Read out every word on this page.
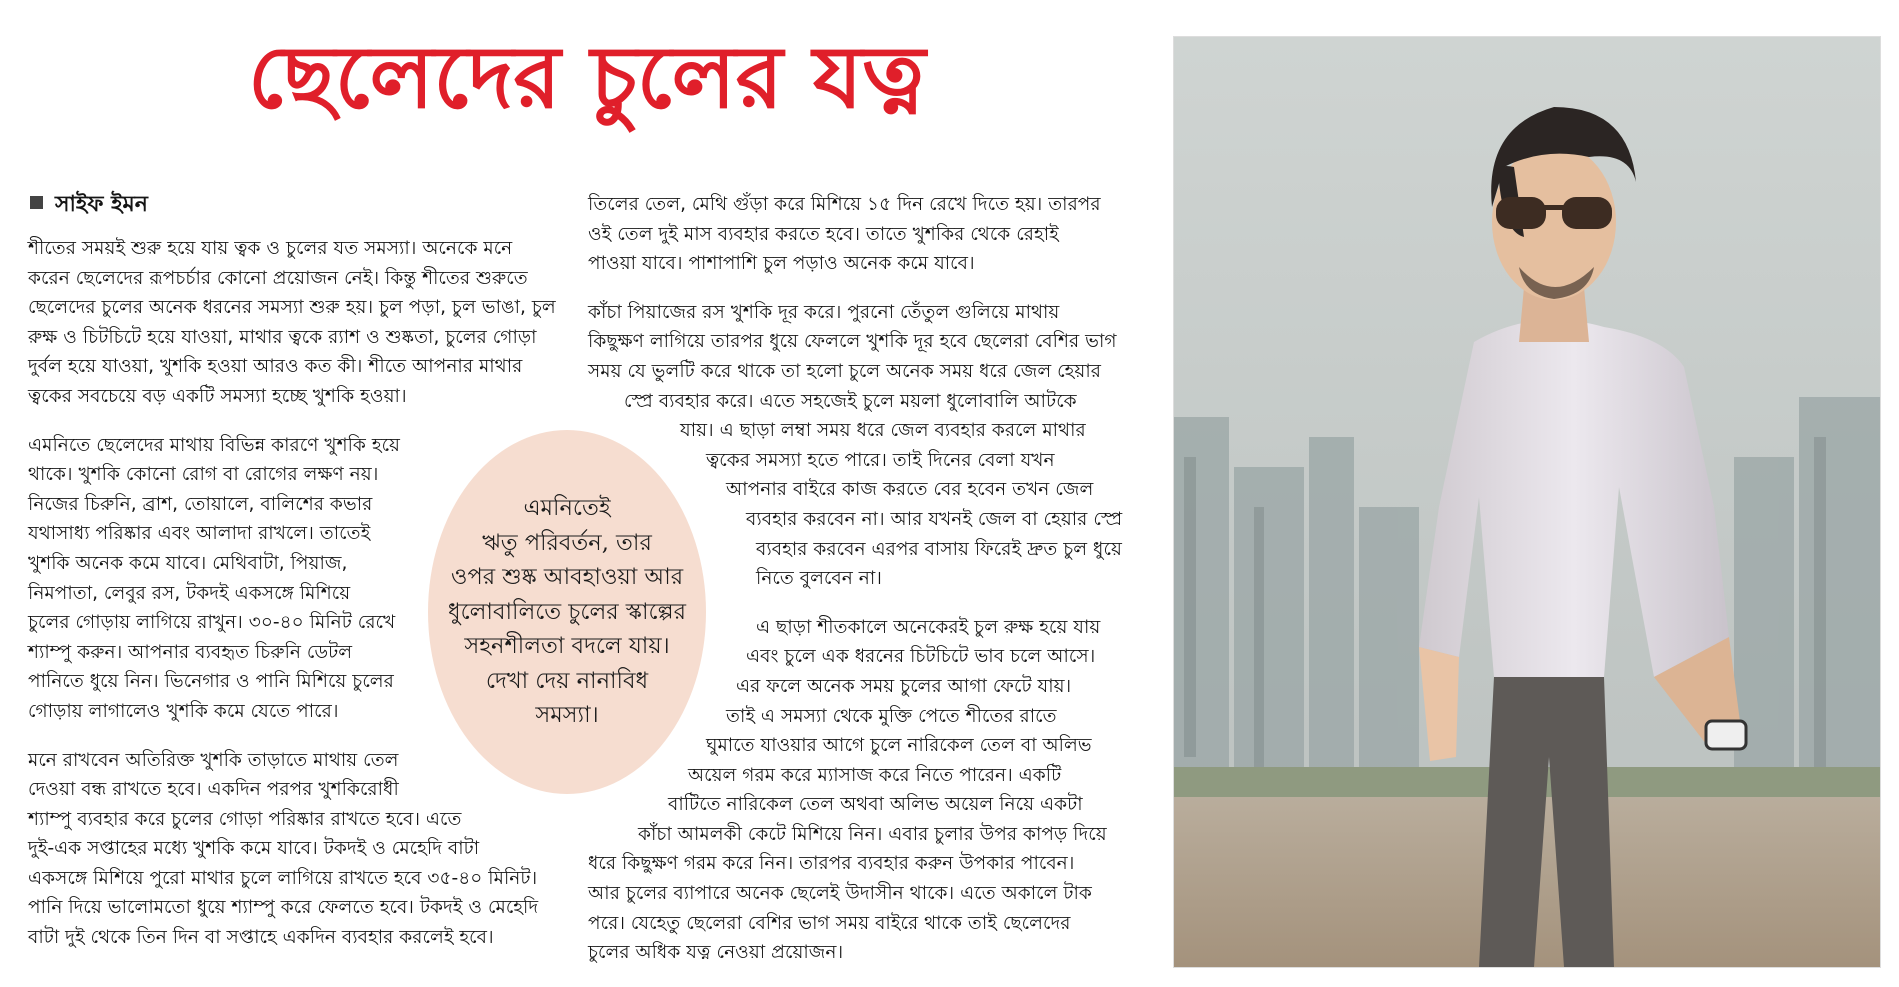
ছেলেদের চুলের যত্ন
সাইফ ইমন

শীতের সময়ই শুরু হয়ে যায় ত্বক ও চুলের যত সমস্যা। অনেকে মনে

করেন ছেলেদের রূপচর্চার কোনো প্রয়োজন নেই। কিন্তু শীতের শুরুতে

ছেলেদের চুলের অনেক ধরনের সমস্যা শুরু হয়। চুল পড়া, চুল ভাঙা, চুল

রুক্ষ ও চিটচিটে হয়ে যাওয়া, মাথার ত্বকে র‍্যাশ ও শুষ্কতা, চুলের গোড়া

দুর্বল হয়ে যাওয়া, খুশকি হওয়া আরও কত কী। শীতে আপনার মাথার

ত্বকের সবচেয়ে বড় একটি সমস্যা হচ্ছে খুশকি হওয়া।

এমনিতে ছেলেদের মাথায় বিভিন্ন কারণে খুশকি হয়ে

থাকে। খুশকি কোনো রোগ বা রোগের লক্ষণ নয়।

নিজের চিরুনি, ব্রাশ, তোয়ালে, বালিশের কভার

যথাসাধ্য পরিষ্কার এবং আলাদা রাখলে। তাতেই

খুশকি অনেক কমে যাবে। মেথিবাটা, পিয়াজ,

নিমপাতা, লেবুর রস, টকদই একসঙ্গে মিশিয়ে

চুলের গোড়ায় লাগিয়ে রাখুন। ৩০-৪০ মিনিট রেখে

শ্যাম্পু করুন। আপনার ব্যবহৃত চিরুনি ডেটল

পানিতে ধুয়ে নিন। ভিনেগার ও পানি মিশিয়ে চুলের

গোড়ায় লাগালেও খুশকি কমে যেতে পারে।

মনে রাখবেন অতিরিক্ত খুশকি তাড়াতে মাথায় তেল

দেওয়া বন্ধ রাখতে হবে। একদিন পরপর খুশকিরোধী

শ্যাম্পু ব্যবহার করে চুলের গোড়া পরিষ্কার রাখতে হবে। এতে

দুই-এক সপ্তাহের মধ্যে খুশকি কমে যাবে। টকদই ও মেহেদি বাটা

একসঙ্গে মিশিয়ে পুরো মাথার চুলে লাগিয়ে রাখতে হবে ৩৫-৪০ মিনিট।

পানি দিয়ে ভালোমতো ধুয়ে শ্যাম্পু করে ফেলতে হবে। টকদই ও মেহেদি

বাটা দুই থেকে তিন দিন বা সপ্তাহে একদিন ব্যবহার করলেই হবে।

তিলের তেল, মেথি গুঁড়া করে মিশিয়ে ১৫ দিন রেখে দিতে হয়। তারপর

ওই তেল দুই মাস ব্যবহার করতে হবে। তাতে খুশকির থেকে রেহাই

পাওয়া যাবে। পাশাপাশি চুল পড়াও অনেক কমে যাবে।

কাঁচা পিয়াজের রস খুশকি দূর করে। পুরনো তেঁতুল গুলিয়ে মাথায়

কিছুক্ষণ লাগিয়ে তারপর ধুয়ে ফেললে খুশকি দূর হবে ছেলেরা বেশির ভাগ

সময় যে ভুলটি করে থাকে তা হলো চুলে অনেক সময় ধরে জেল হেয়ার

স্প্রে ব্যবহার করে। এতে সহজেই চুলে ময়লা ধুলোবালি আটকে

যায়। এ ছাড়া লম্বা সময় ধরে জেল ব্যবহার করলে মাথার

ত্বকের সমস্যা হতে পারে। তাই দিনের বেলা যখন

আপনার বাইরে কাজ করতে বের হবেন তখন জেল

ব্যবহার করবেন না। আর যখনই জেল বা হেয়ার স্প্রে

ব্যবহার করবেন এরপর বাসায় ফিরেই দ্রুত চুল ধুয়ে

নিতে বুলবেন না।

এ ছাড়া শীতকালে অনেকেরই চুল রুক্ষ হয়ে যায়

এবং চুলে এক ধরনের চিটচিটে ভাব চলে আসে।

এর ফলে অনেক সময় চুলের আগা ফেটে যায়।

তাই এ সমস্যা থেকে মুক্তি পেতে শীতের রাতে

ঘুমাতে যাওয়ার আগে চুলে নারিকেল তেল বা অলিভ

অয়েল গরম করে ম্যাসাজ করে নিতে পারেন। একটি

বাটিতে নারিকেল তেল অথবা অলিভ অয়েল নিয়ে একটা

কাঁচা আমলকী কেটে মিশিয়ে নিন। এবার চুলার উপর কাপড় দিয়ে

ধরে কিছুক্ষণ গরম করে নিন। তারপর ব্যবহার করুন উপকার পাবেন।

আর চুলের ব্যাপারে অনেক ছেলেই উদাসীন থাকে। এতে অকালে টাক

পরে। যেহেতু ছেলেরা বেশির ভাগ সময় বাইরে থাকে তাই ছেলেদের

চুলের অধিক যত্ন নেওয়া প্রয়োজন।

এমনিতেই
ঋতু পরিবর্তন, তার
ওপর শুষ্ক আবহাওয়া আর
ধুলোবালিতে চুলের স্কাল্পের
সহনশীলতা বদলে যায়।
দেখা দেয় নানাবিধ
সমস্যা।
